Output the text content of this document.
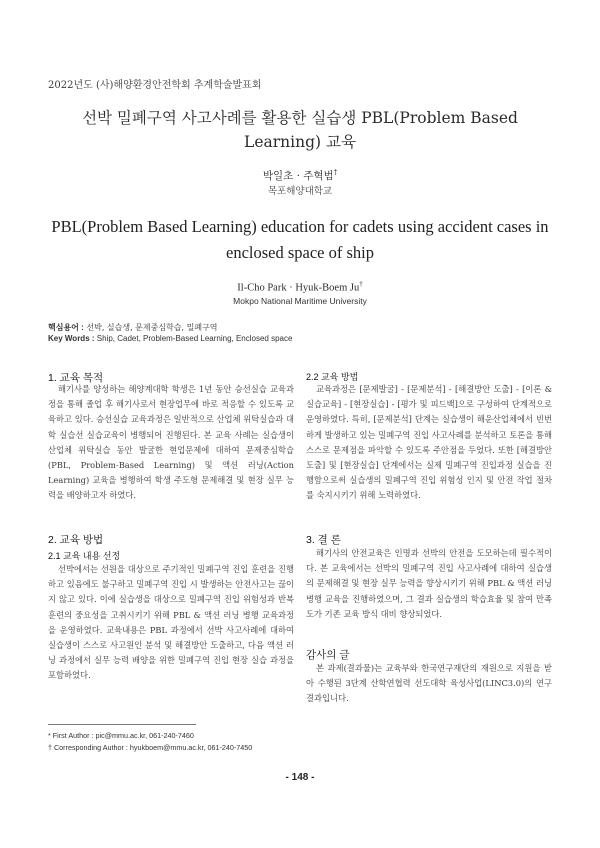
2022년도 (사)해양환경안전학회 추계학술발표회
선박 밀폐구역 사고사례를 활용한 실습생 PBL(Problem Based Learning) 교육
박일초 · 주혁범†
목포해양대학교
PBL(Problem Based Learning) education for cadets using accident cases in enclosed space of ship
Il-Cho Park · Hyuk-Boem Ju†
Mokpo National Maritime University
핵심용어 : 선박, 실습생, 문제중심학습, 밀폐구역
Key Words : Ship, Cadet, Problem-Based Learning, Enclosed space
1. 교육 목적

해기사를 양성하는 해양계대학 학생은 1년 동안 승선실습 교육과정을 통해 졸업 후 해기사로서 현장업무에 바로 적응할 수 있도록 교육하고 있다. 승선실습 교육과정은 일반적으로 산업체 위탁실습과 대학 실습선 실습교육이 병행되어 진행된다. 본 교육 사례는 실습생이 산업체 위탁실습 동안 발굴한 현업문제에 대하여 문제중심학습(PBL, Problem-Based Learning) 및 액션 러닝(Action Learning) 교육을 병행하여 학생 주도형 문제해결 및 현장 실무 능력을 배양하고자 하였다.

2. 교육 방법
2.1 교육 내용 선정

선박에서는 선원을 대상으로 주기적인 밀폐구역 진입 훈련을 진행하고 있음에도 불구하고 밀폐구역 진입 시 발생하는 안전사고는 끊이지 않고 있다. 이에 실습생을 대상으로 밀폐구역 진입 위험성과 반복 훈련의 중요성을 고취시키기 위해 PBL & 액션 러닝 병행 교육과정을 운영하였다. 교육내용은 PBL 과정에서 선박 사고사례에 대하여 실습생이 스스로 사고원인 분석 및 해결방안 도출하고, 다음 액션 러닝 과정에서 실무 능력 배양을 위한 밀폐구역 진입 현장 실습 과정을 포함하였다.

2.2 교육 방법

교육과정은 [문제발굴] - [문제분석] - [해결방안 도출] - [이론 & 실습교육] - [현장실습] - [평가 및 피드백]으로 구성하여 단계적으로 운영하였다. 특히, [문제분석] 단계는 실습생이 해운산업체에서 빈번하게 발생하고 있는 밀폐구역 진입 사고사례를 분석하고 토론을 통해 스스로 문제점을 파악할 수 있도록 주안점을 두었다. 또한 [해결방안 도출] 및 [현장실습] 단계에서는 실제 밀폐구역 진입과정 실습을 진행함으로써 실습생의 밀폐구역 진입 위험성 인지 및 안전 작업 절차를 숙지시키기 위해 노력하였다.

3. 결 론

해기사의 안전교육은 인명과 선박의 안전을 도모하는데 필수적이다. 본 교육에서는 선박의 밀폐구역 진입 사고사례에 대하여 실습생의 문제해결 및 현장 실무 능력을 향상시키기 위해 PBL & 액션 러닝 병행 교육을 진행하였으며, 그 결과 실습생의 학습효율 및 참여 만족도가 기존 교육 방식 대비 향상되었다.

감사의 글

본 과제(결과물)는 교육부와 한국연구재단의 재원으로 지원을 받아 수행된 3단계 산학연협력 선도대학 육성사업(LINC3.0)의 연구결과입니다.

* First Author : pic@mmu.ac.kr, 061-240-7460
† Corresponding Author : hyukboem@mmu.ac.kr, 061-240-7450
- 148 -
